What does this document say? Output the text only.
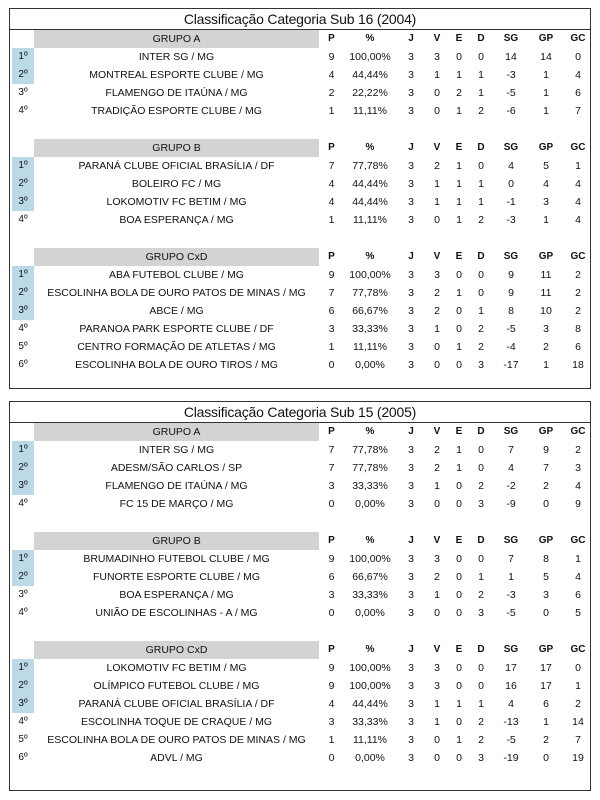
Classificação Categoria Sub 16 (2004)
GRUPO A	P	%	J	V	E	D	SG	GP	GC
1º	INTER SG / MG	9	100,00%	3	3	0	0	14	14	0
2º	MONTREAL ESPORTE CLUBE / MG	4	44,44%	3	1	1	1	-3	1	4
3º	FLAMENGO DE ITAÚNA / MG	2	22,22%	3	0	2	1	-5	1	6
4º	TRADIÇÃO ESPORTE CLUBE / MG	1	11,11%	3	0	1	2	-6	1	7
GRUPO B	P	%	J	V	E	D	SG	GP	GC
1º	PARANÁ CLUBE OFICIAL BRASÍLIA / DF	7	77,78%	3	2	1	0	4	5	1
2º	BOLEIRO FC / MG	4	44,44%	3	1	1	1	0	4	4
3º	LOKOMOTIV FC BETIM / MG	4	44,44%	3	1	1	1	-1	3	4
4º	BOA ESPERANÇA / MG	1	11,11%	3	0	1	2	-3	1	4
GRUPO CxD	P	%	J	V	E	D	SG	GP	GC
1º	ABA FUTEBOL CLUBE / MG	9	100,00%	3	3	0	0	9	11	2
2º	ESCOLINHA BOLA DE OURO PATOS DE MINAS / MG	7	77,78%	3	2	1	0	9	11	2
3º	ABCE / MG	6	66,67%	3	2	0	1	8	10	2
4º	PARANOA PARK ESPORTE CLUBE / DF	3	33,33%	3	1	0	2	-5	3	8
5º	CENTRO FORMAÇÃO DE ATLETAS / MG	1	11,11%	3	0	1	2	-4	2	6
6º	ESCOLINHA BOLA DE OURO TIROS / MG	0	0,00%	3	0	0	3	-17	1	18
Classificação Categoria Sub 15 (2005)
GRUPO A	P	%	J	V	E	D	SG	GP	GC
1º	INTER SG / MG	7	77,78%	3	2	1	0	7	9	2
2º	ADESM/SÃO CARLOS / SP	7	77,78%	3	2	1	0	4	7	3
3º	FLAMENGO DE ITAÚNA / MG	3	33,33%	3	1	0	2	-2	2	4
4º	FC 15 DE MARÇO / MG	0	0,00%	3	0	0	3	-9	0	9
GRUPO B	P	%	J	V	E	D	SG	GP	GC
1º	BRUMADINHO FUTEBOL CLUBE / MG	9	100,00%	3	3	0	0	7	8	1
2º	FUNORTE ESPORTE CLUBE / MG	6	66,67%	3	2	0	1	1	5	4
3º	BOA ESPERANÇA / MG	3	33,33%	3	1	0	2	-3	3	6
4º	UNIÃO DE ESCOLINHAS - A / MG	0	0,00%	3	0	0	3	-5	0	5
GRUPO CxD	P	%	J	V	E	D	SG	GP	GC
1º	LOKOMOTIV FC BETIM / MG	9	100,00%	3	3	0	0	17	17	0
2º	OLÍMPICO FUTEBOL CLUBE / MG	9	100,00%	3	3	0	0	16	17	1
3º	PARANÁ CLUBE OFICIAL BRASÍLIA / DF	4	44,44%	3	1	1	1	4	6	2
4º	ESCOLINHA TOQUE DE CRAQUE / MG	3	33,33%	3	1	0	2	-13	1	14
5º	ESCOLINHA BOLA DE OURO PATOS DE MINAS / MG	1	11,11%	3	0	1	2	-5	2	7
6º	ADVL / MG	0	0,00%	3	0	0	3	-19	0	19
